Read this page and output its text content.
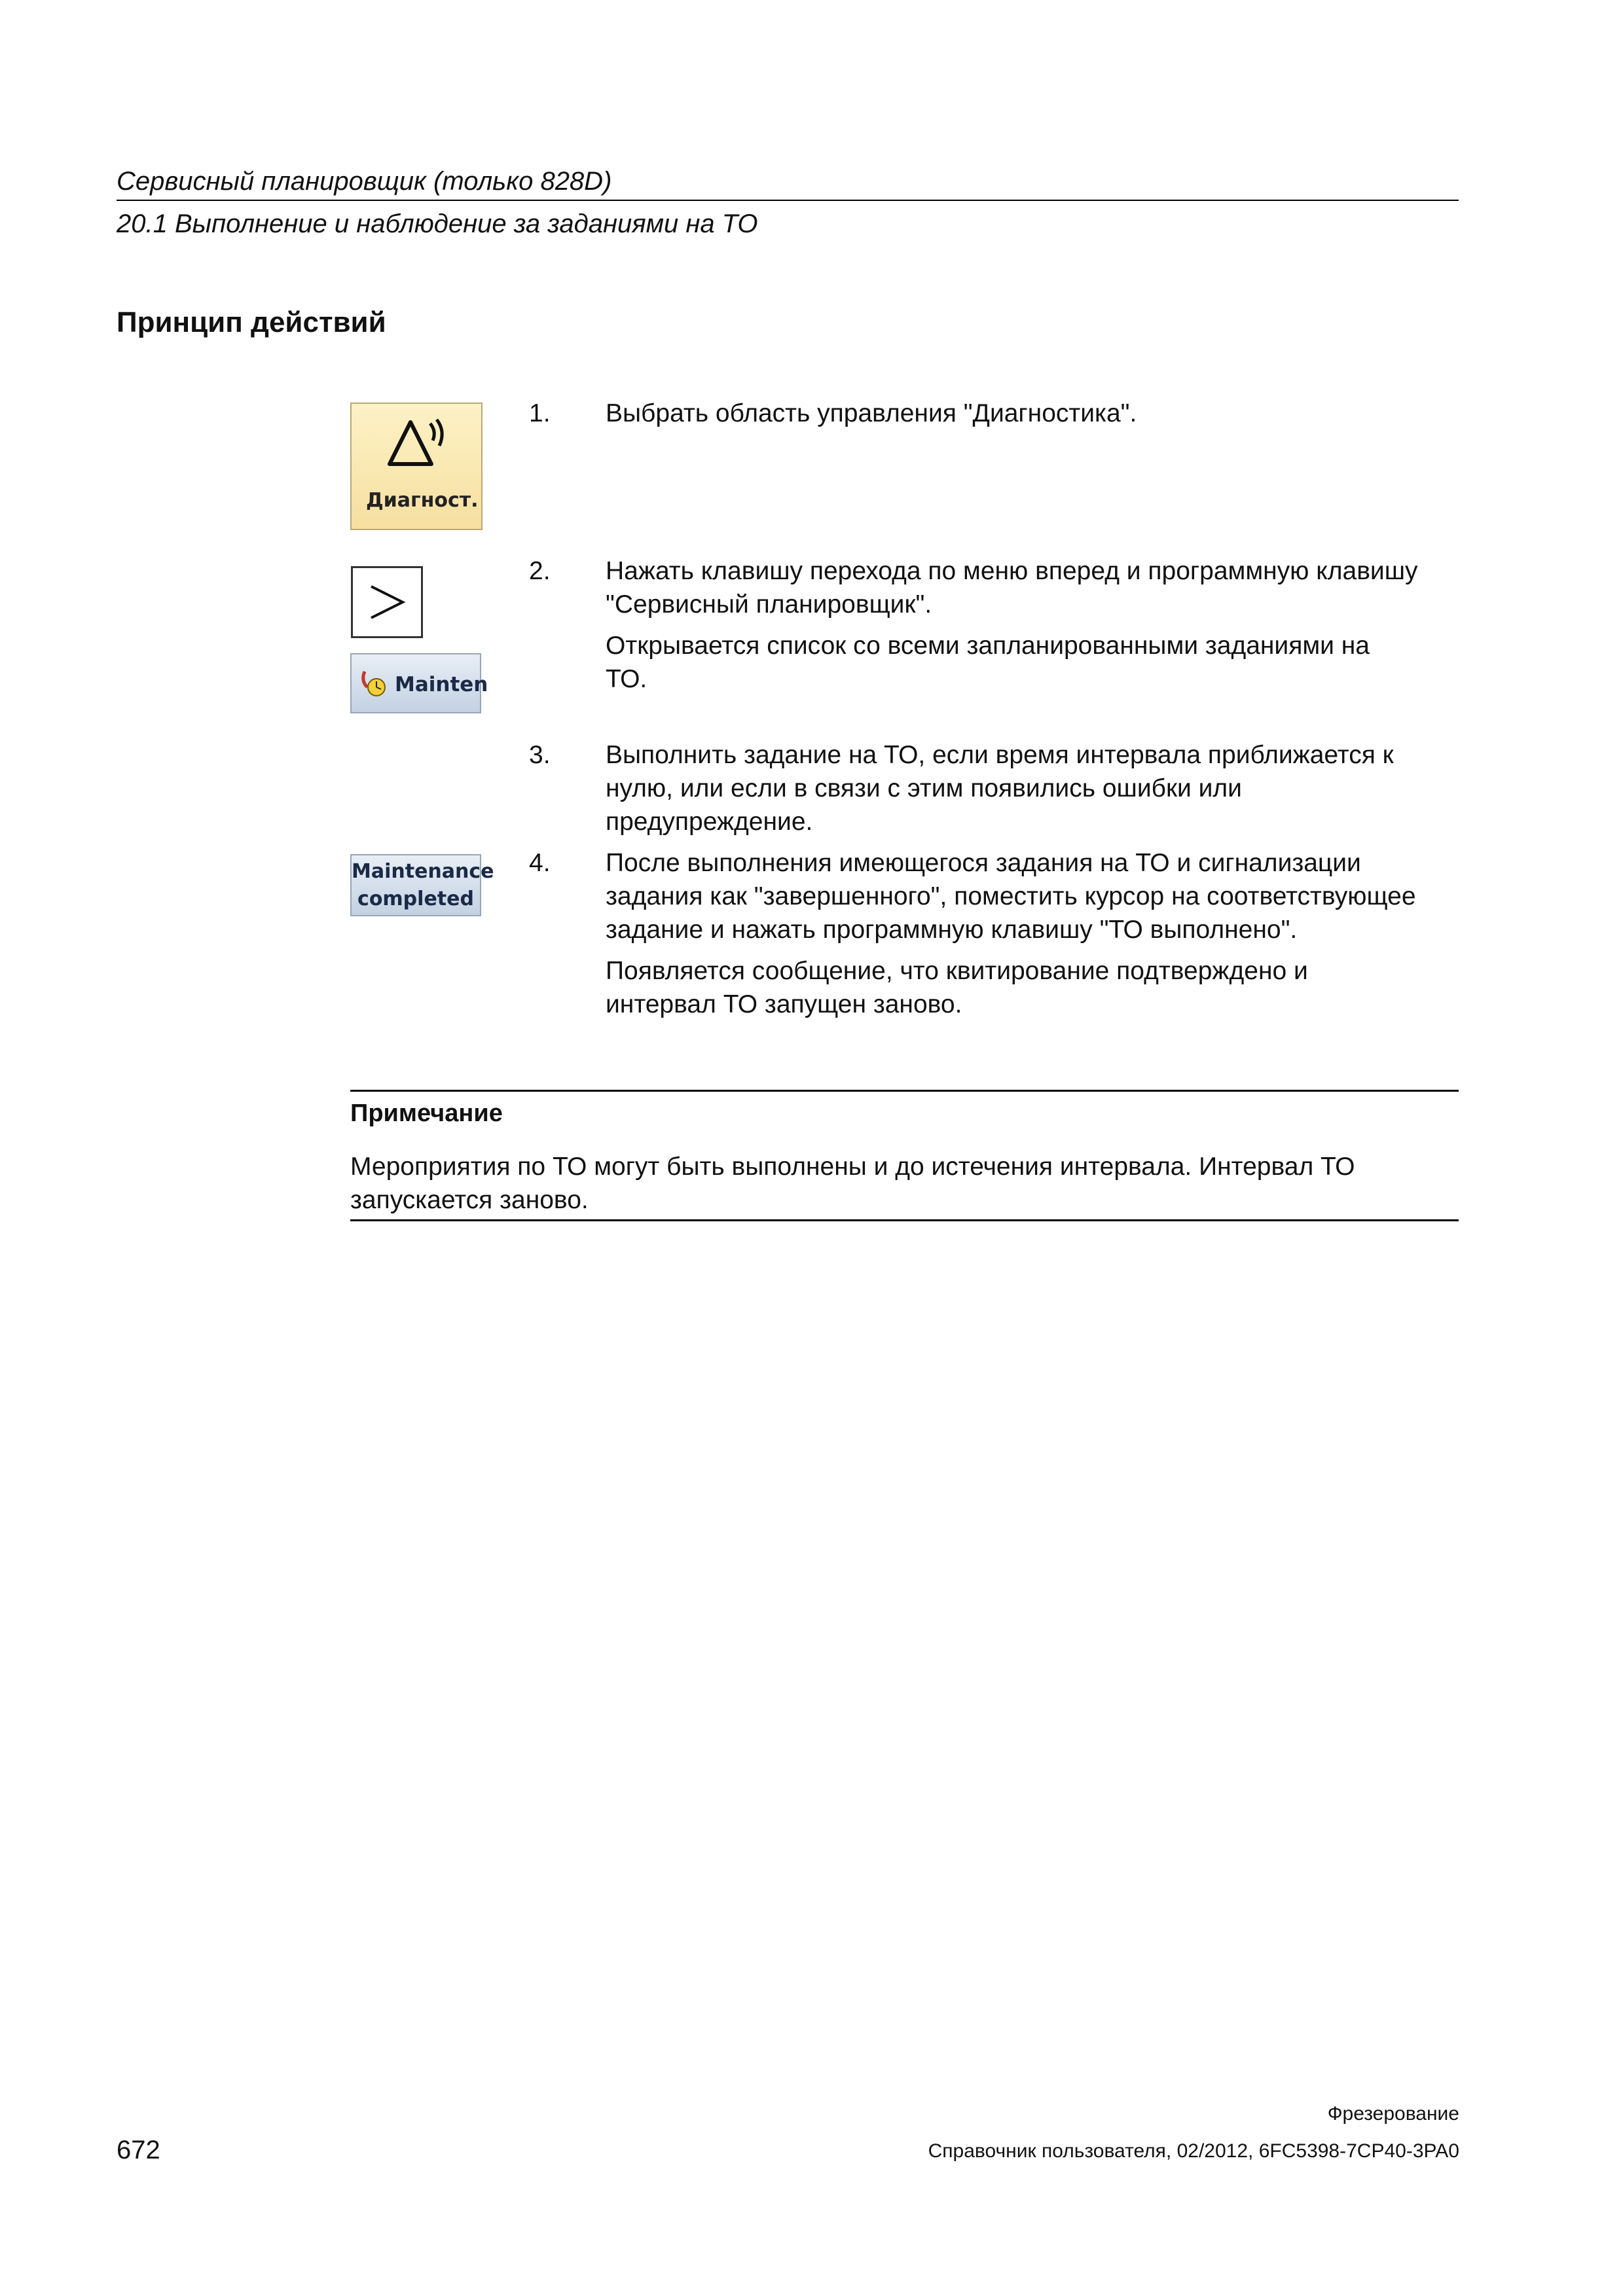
Сервисный планировщик (только 828D)
20.1 Выполнение и наблюдение за заданиями на ТО
Принцип действий
Диагност.
Mainten
Maintenance
completed
1. Выбрать область управления "Диагностика".
2. Нажать клавишу перехода по меню вперед и программную клавишу
"Сервисный планировщик".
Открывается список со всеми запланированными заданиями на
ТО.
3. Выполнить задание на ТО, если время интервала приближается к
нулю, или если в связи с этим появились ошибки или
предупреждение.
4. После выполнения имеющегося задания на ТО и сигнализации
задания как "завершенного", поместить курсор на соответствующее
задание и нажать программную клавишу "ТО выполнено".
Появляется сообщение, что квитирование подтверждено и
интервал ТО запущен заново.
Примечание
Мероприятия по ТО могут быть выполнены и до истечения интервала. Интервал ТО
запускается заново.
Фрезерование
672	Справочник пользователя, 02/2012, 6FC5398-7CP40-3PA0
